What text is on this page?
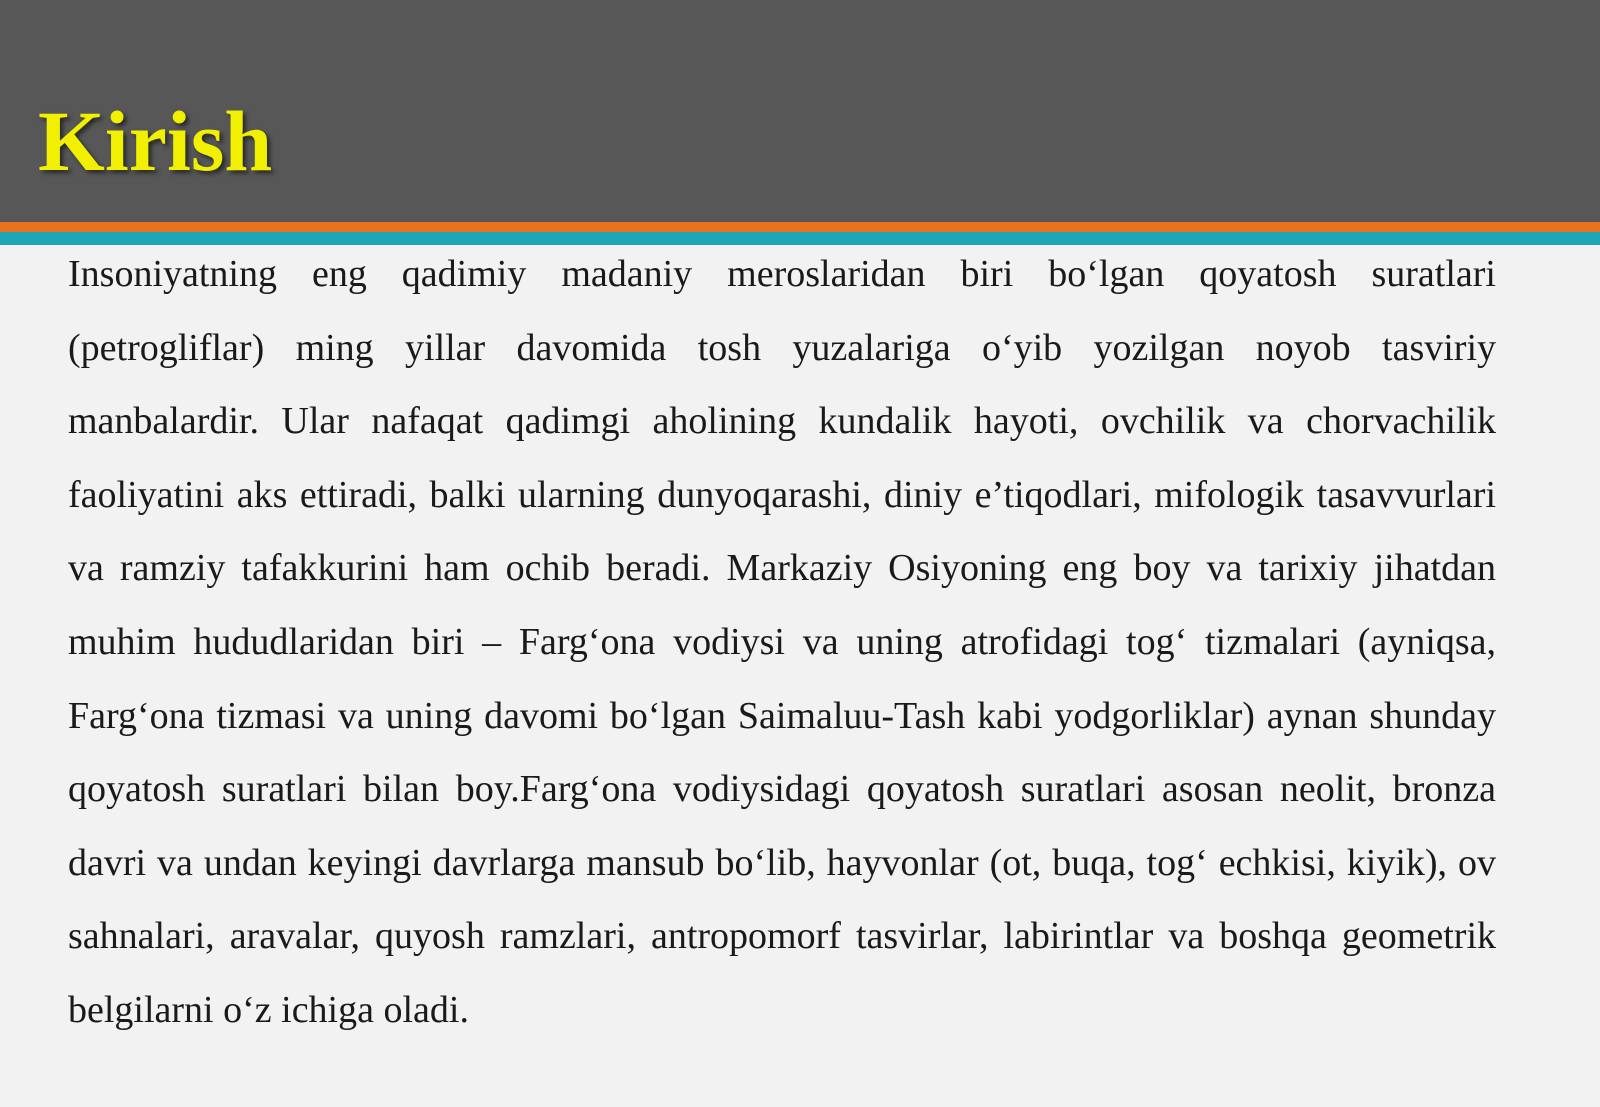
Kirish

Insoniyatning eng qadimiy madaniy meroslaridan biri bo‘lgan qoyatosh suratlari (petrogliflar) ming yillar davomida tosh yuzalariga o‘yib yozilgan noyob tasviriy manbalardir. Ular nafaqat qadimgi aholining kundalik hayoti, ovchilik va chorvachilik faoliyatini aks ettiradi, balki ularning dunyoqarashi, diniy e’tiqodlari, mifologik tasavvurlari va ramziy tafakkurini ham ochib beradi. Markaziy Osiyoning eng boy va tarixiy jihatdan muhim hududlaridan biri – Farg‘ona vodiysi va uning atrofidagi tog‘ tizmalari (ayniqsa, Farg‘ona tizmasi va uning davomi bo‘lgan Saimaluu-Tash kabi yodgorliklar) aynan shunday qoyatosh suratlari bilan boy.Farg‘ona vodiysidagi qoyatosh suratlari asosan neolit, bronza davri va undan keyingi davrlarga mansub bo‘lib, hayvonlar (ot, buqa, tog‘ echkisi, kiyik), ov sahnalari, aravalar, quyosh ramzlari, antropomorf tasvirlar, labirintlar va boshqa geometrik belgilarni o‘z ichiga oladi.
